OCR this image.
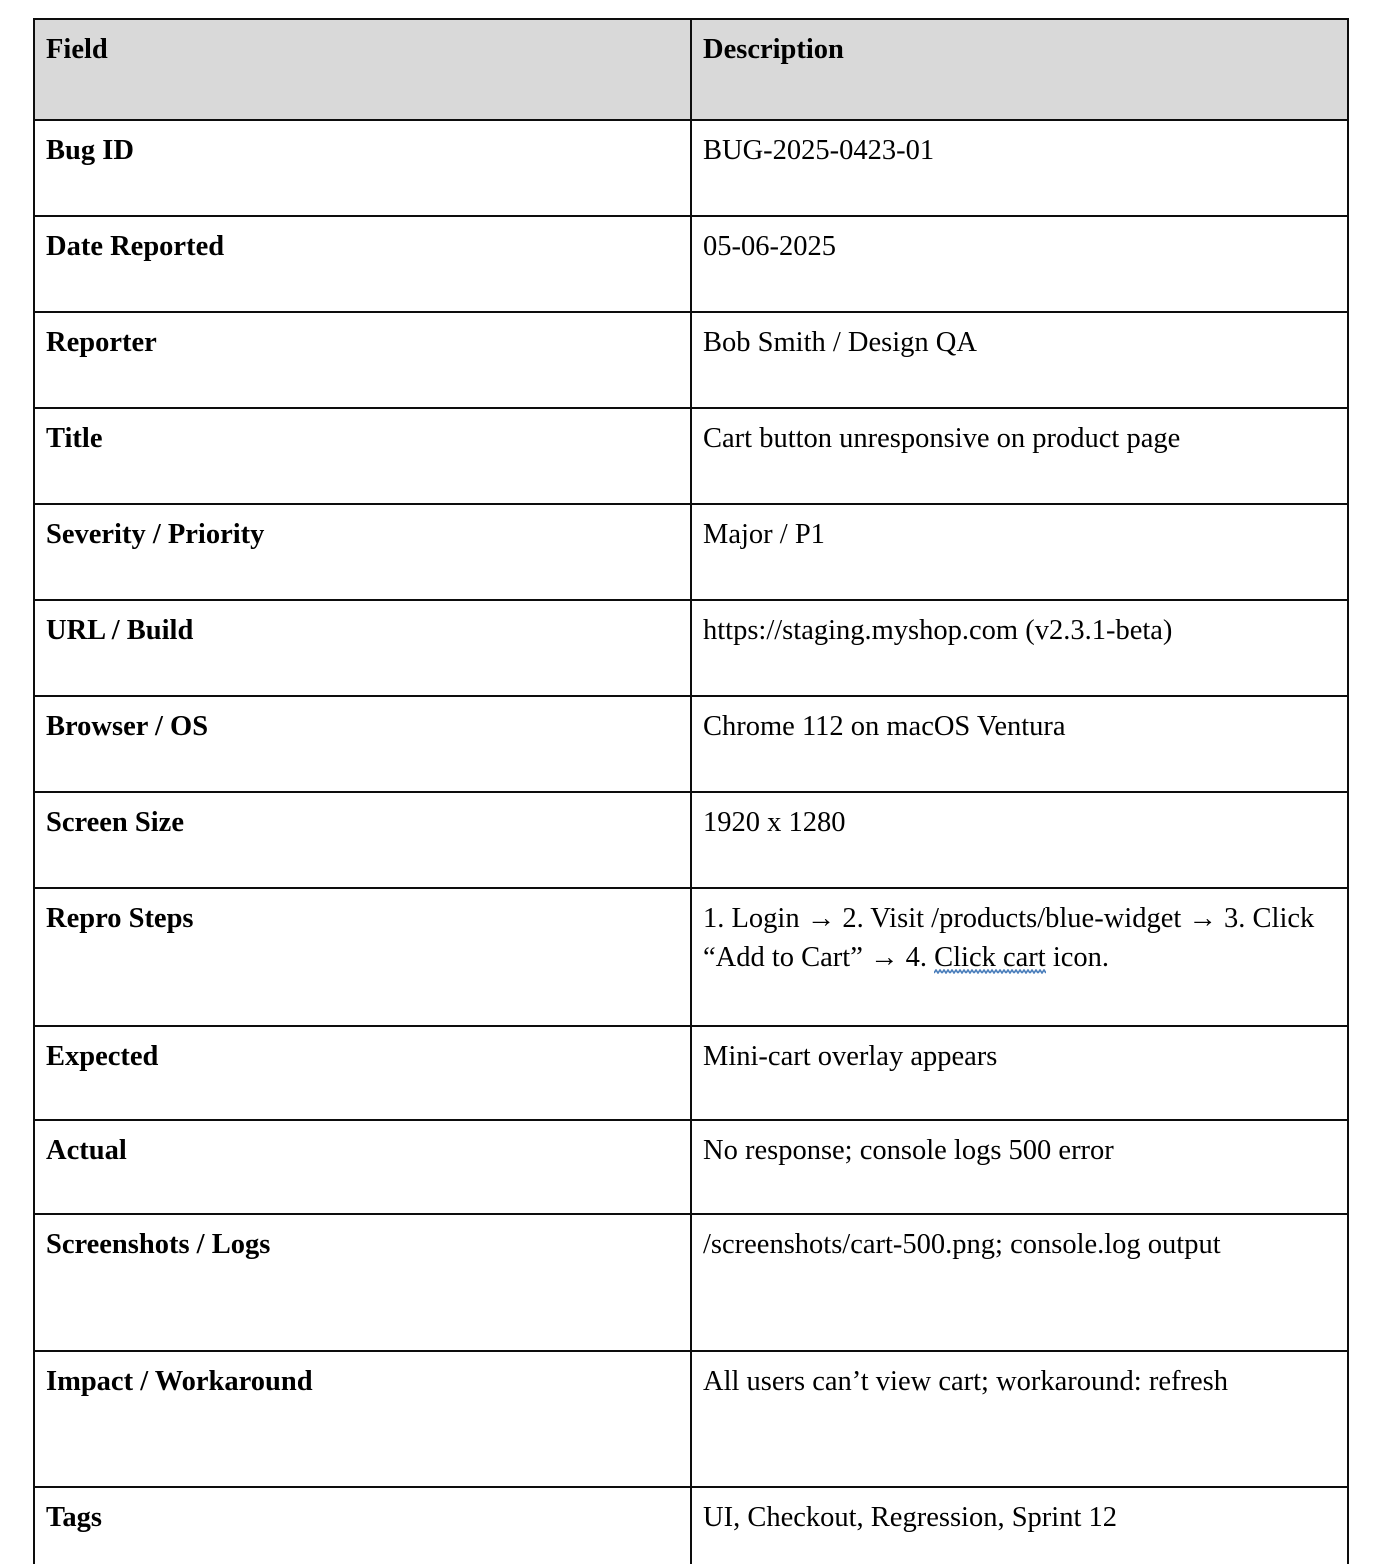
Field	Description
Bug ID	BUG-2025-0423-01
Date Reported	05-06-2025
Reporter	Bob Smith / Design QA
Title	Cart button unresponsive on product page
Severity / Priority	Major / P1
URL / Build	https://staging.myshop.com (v2.3.1-beta)
Browser / OS	Chrome 112 on macOS Ventura
Screen Size	1920 x 1280
Repro Steps	1. Login → 2. Visit /products/blue-widget → 3. Click “Add to Cart” → 4. Click cart icon.
Expected	Mini-cart overlay appears
Actual	No response; console logs 500 error
Screenshots / Logs	/screenshots/cart-500.png; console.log output
Impact / Workaround	All users can’t view cart; workaround: refresh
Tags	UI, Checkout, Regression, Sprint 12
